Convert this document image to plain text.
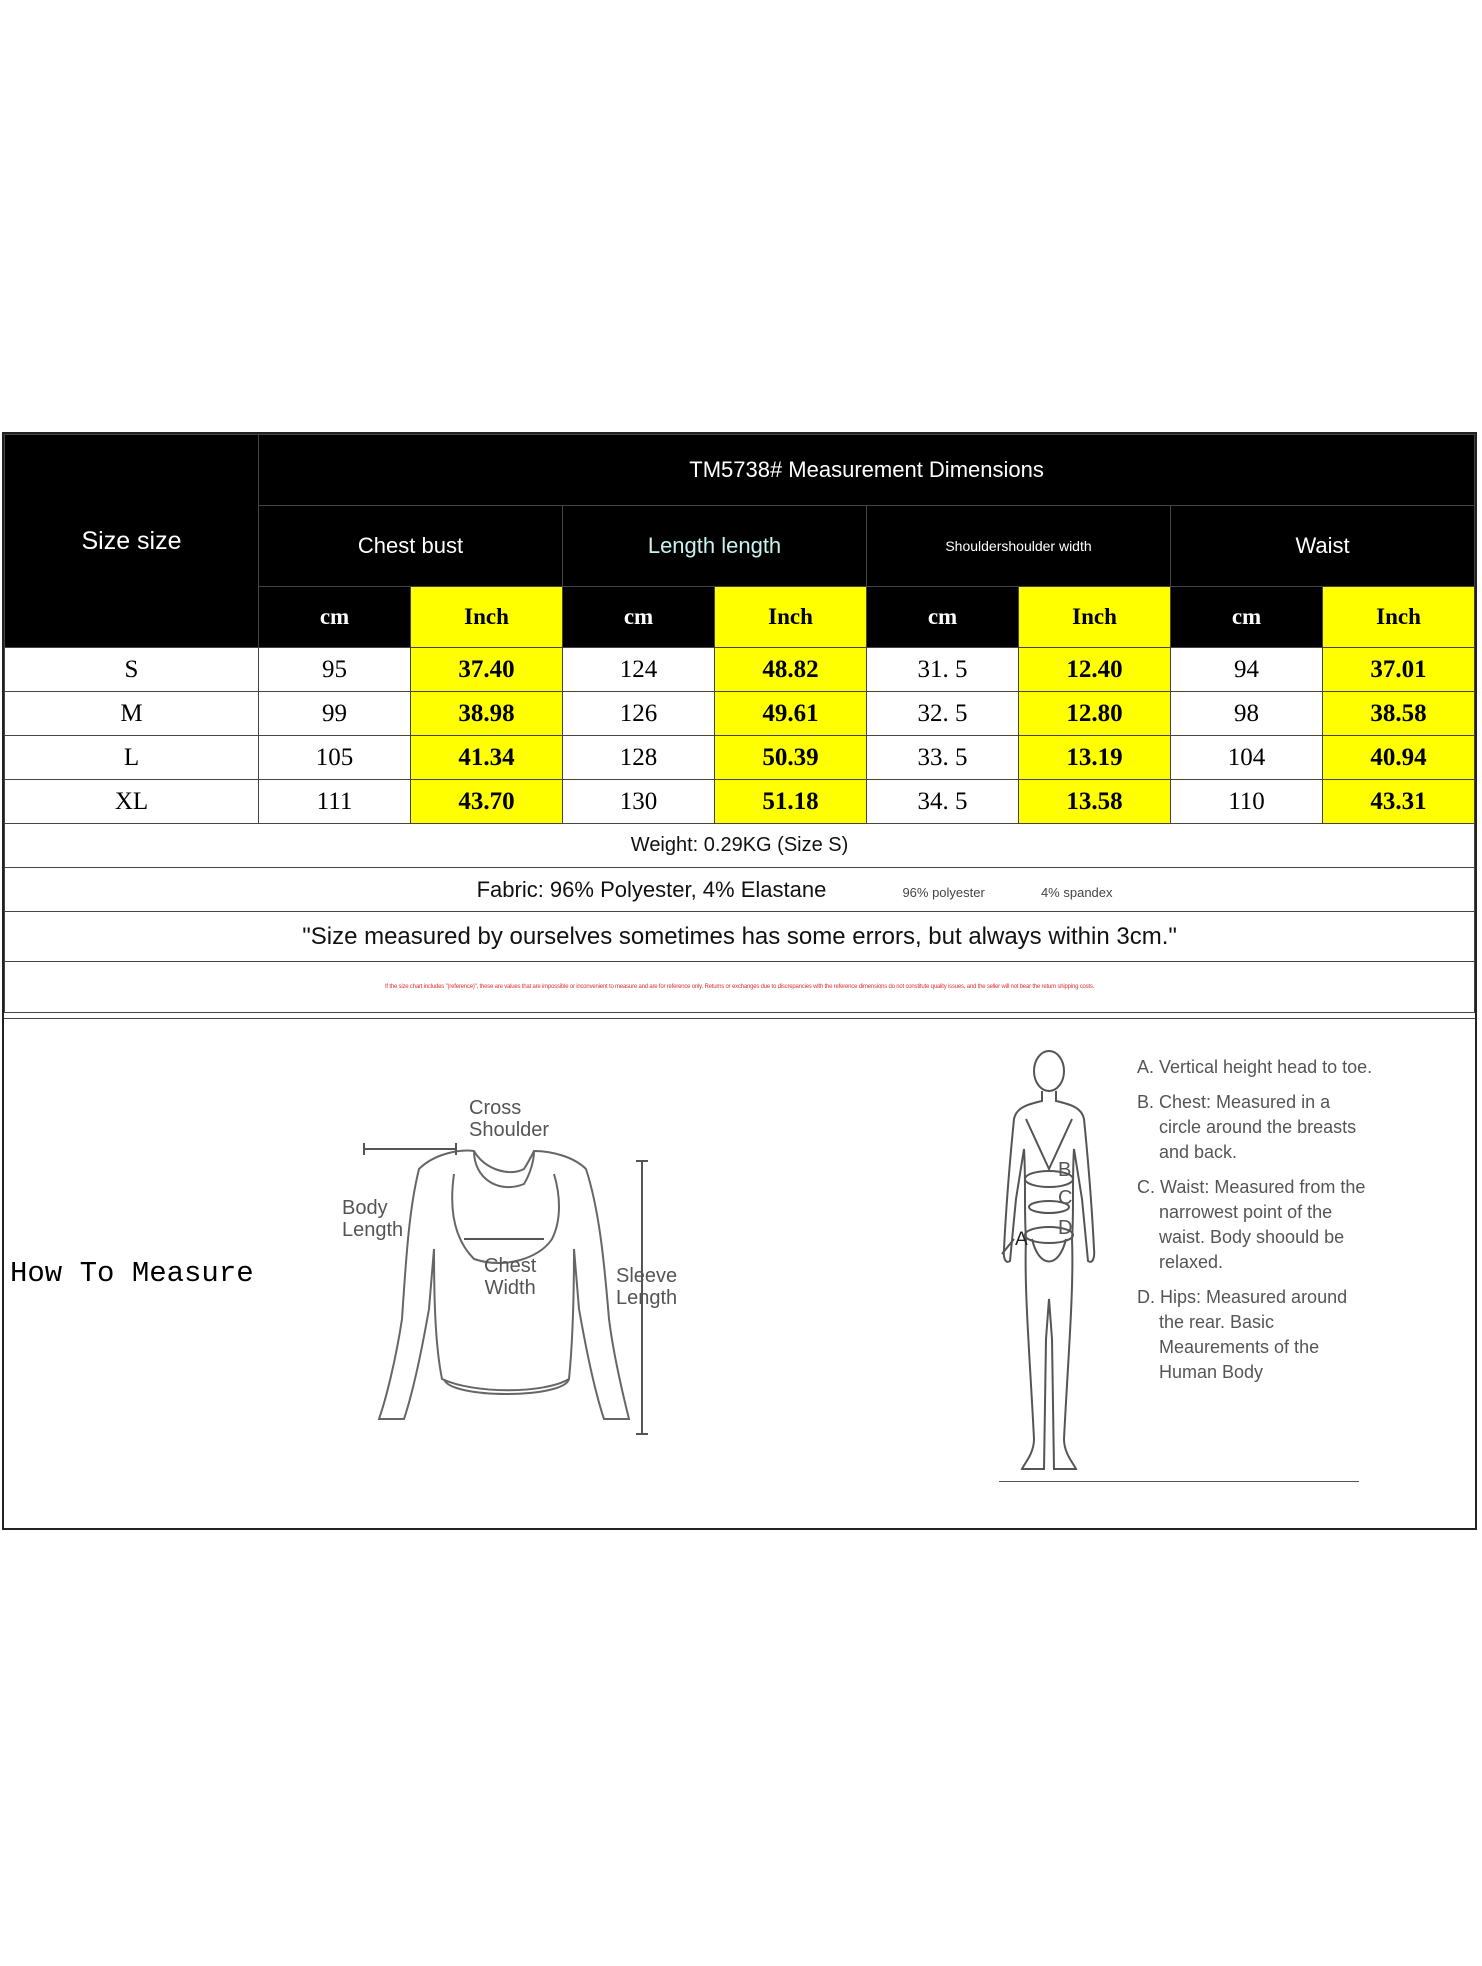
Size size	TM5738# Measurement Dimensions							
	Chest bust		Length length		Shouldershoulder width		Waist	
	cm	Inch	cm	Inch	cm	Inch	cm	Inch
S	95	37.40	124	48.82	31. 5	12.40	94	37.01
M	99	38.98	126	49.61	32. 5	12.80	98	38.58
L	105	41.34	128	50.39	33. 5	13.19	104	40.94
XL	111	43.70	130	51.18	34. 5	13.58	110	43.31
Weight: 0.29KG (Size S)								
Fabric: 96% Polyester, 4% Elastane 96% polyester 4% spandex								
"Size measured by ourselves sometimes has some errors, but always within 3cm."								
If the size chart includes "(reference)", these are values that are impossible or inconvenient to measure and are for reference only. Returns or exchanges due to discrepancies with the reference dimensions do not constitute quality issues, and the seller will not bear the return shipping costs.								
How To Measure
Cross
Shoulder
Body
Length
Chest
Width
Sleeve
Length
B
C
D
A
A. Vertical height head to toe.
B. Chest: Measured in a circle around the breasts and back.
C. Waist: Measured from the narrowest point of the waist. Body shoould be relaxed.
D. Hips: Measured around the rear. Basic Meaurements of the Human Body
